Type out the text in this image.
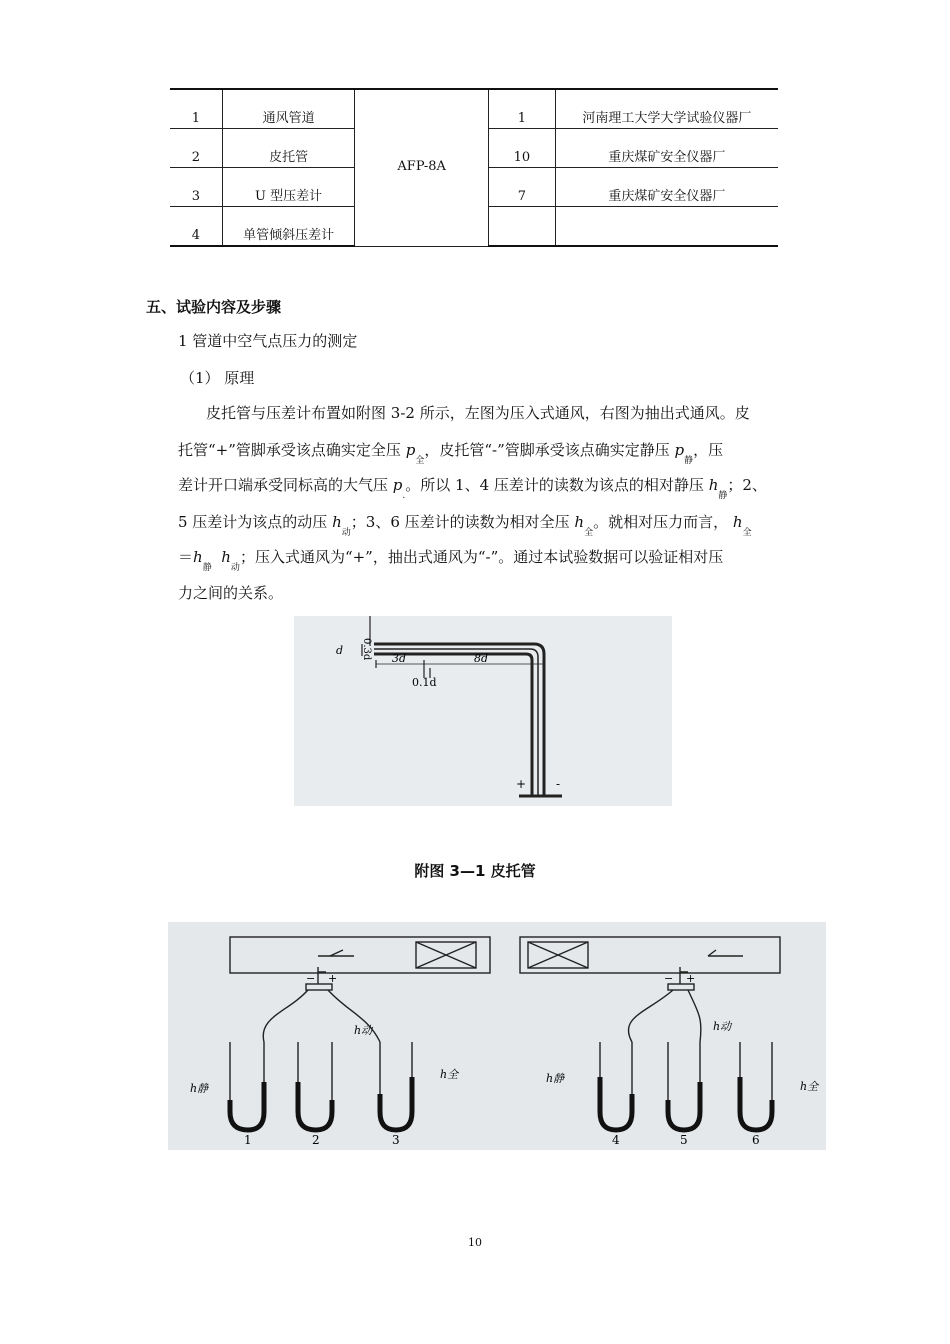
1	通风管道	AFP-8A	1	河南理工大学大学试验仪器厂
2	皮托管		10	重庆煤矿安全仪器厂
3	U 型压差计		7	重庆煤矿安全仪器厂
4	单管倾斜压差计			
五、试验内容及步骤
1 管道中空气点压力的测定
（1） 原理
皮托管与压差计布置如附图 3-2 所示，左图为压入式通风，右图为抽出式通风。皮
托管“+”管脚承受该点确实定全压 $p_全$，皮托管“-”管脚承受该点确实定静压 $p_静$，压
差计开口端承受同标高的大气压 $p_.$。所以 1、4 压差计的读数为该点的相对静压 $h_静$；2、
5 压差计为该点的动压 $h_动$；3、6 压差计的读数为相对全压 $h_全$。就相对压力而言， $h_全$
$=h_静$  $h_动$；压入式通风为“+”，抽出式通风为“-”。通过本试验数据可以验证相对压
力之间的关系。
d 0.3d 3d	8d
0.1d
+ -
附图 3—1 皮托管
− +	− +
h静
h动
h全	h静
h动
h全
1	2	3	4	5	6
10
